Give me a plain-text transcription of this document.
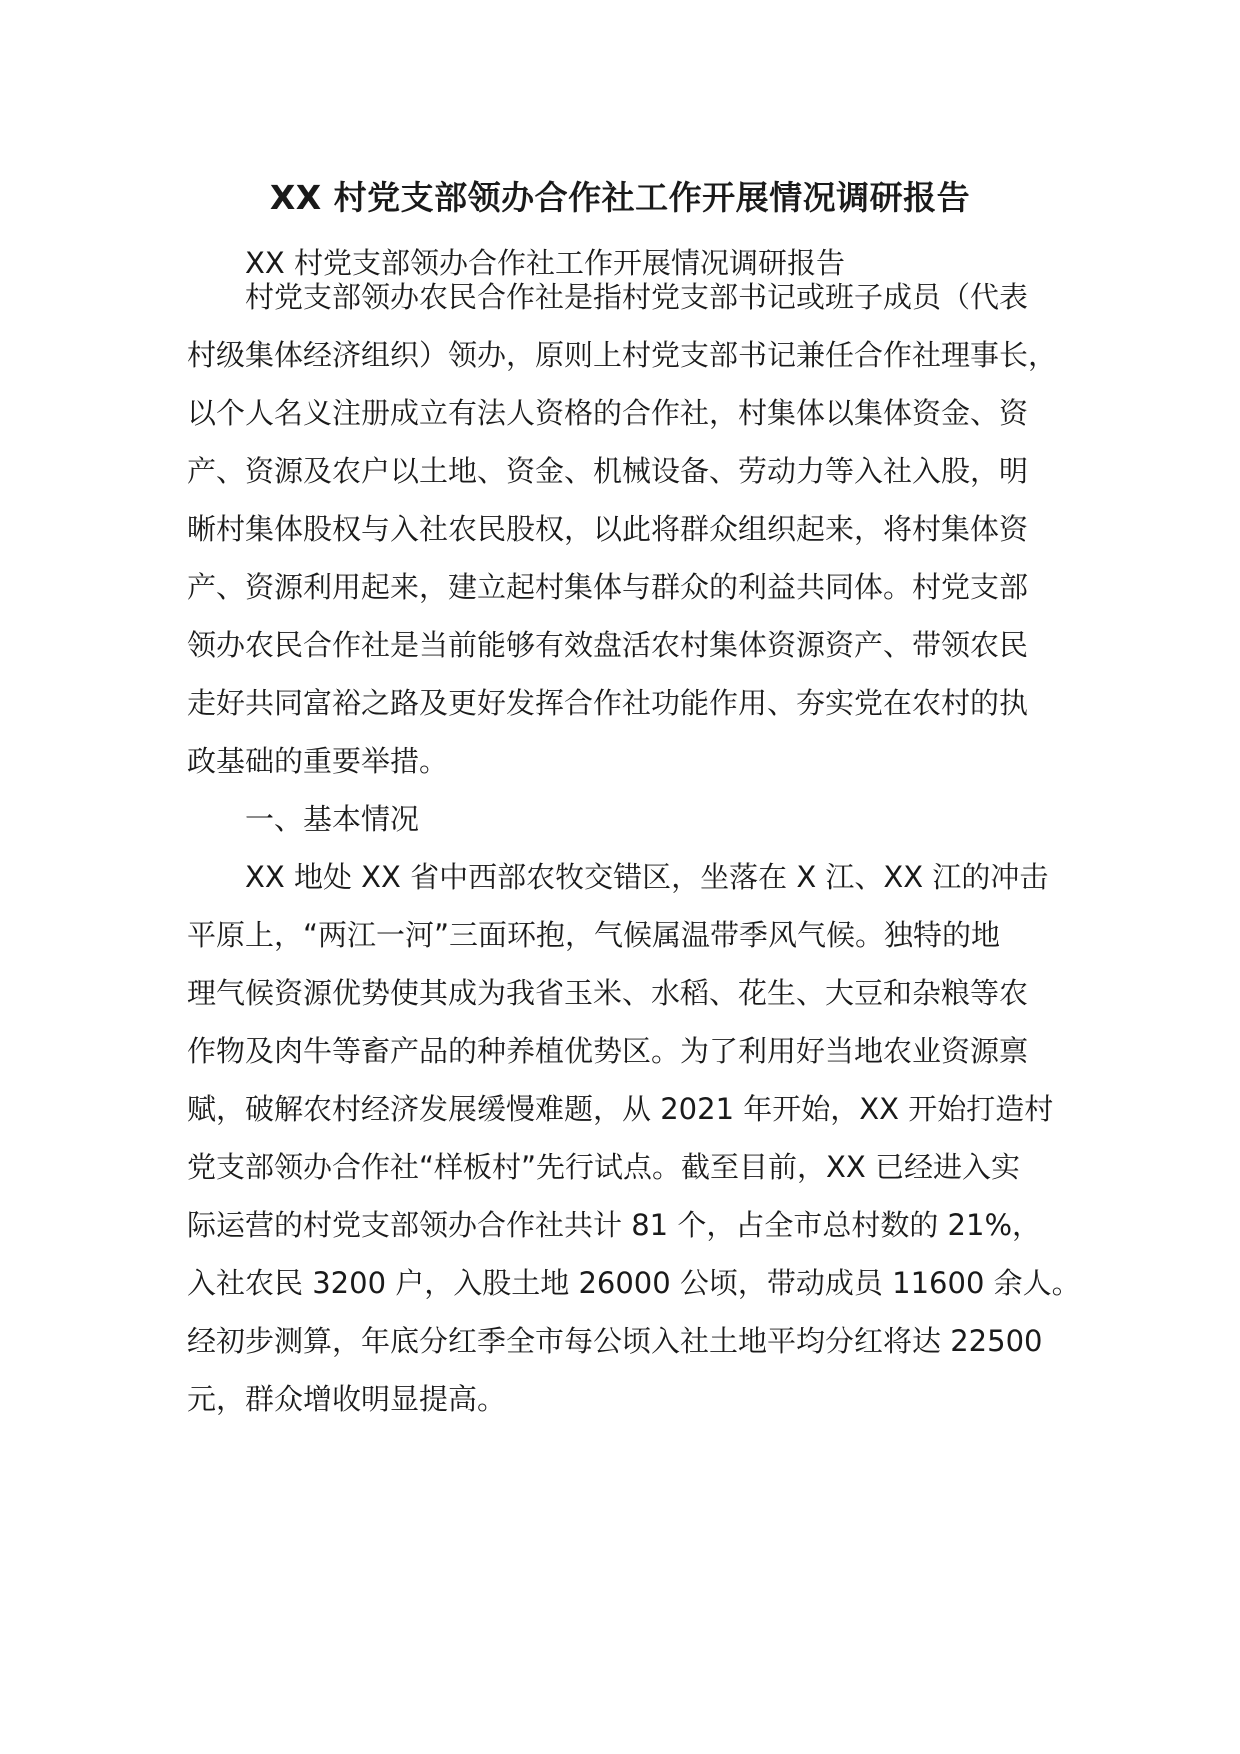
XX 村党支部领办合作社工作开展情况调研报告

XX 村党支部领办合作社工作开展情况调研报告

村党支部领办农民合作社是指村党支部书记或班子成员（代表

村级集体经济组织）领办，原则上村党支部书记兼任合作社理事长，

以个人名义注册成立有法人资格的合作社，村集体以集体资金、资

产、资源及农户以土地、资金、机械设备、劳动力等入社入股，明

晰村集体股权与入社农民股权，以此将群众组织起来，将村集体资

产、资源利用起来，建立起村集体与群众的利益共同体。村党支部

领办农民合作社是当前能够有效盘活农村集体资源资产、带领农民

走好共同富裕之路及更好发挥合作社功能作用、夯实党在农村的执

政基础的重要举措。

一、基本情况

XX 地处 XX 省中西部农牧交错区，坐落在 X 江、XX 江的冲击

平原上，“两江一河”三面环抱，气候属温带季风气候。独特的地

理气候资源优势使其成为我省玉米、水稻、花生、大豆和杂粮等农

作物及肉牛等畜产品的种养植优势区。为了利用好当地农业资源禀

赋，破解农村经济发展缓慢难题，从 2021 年开始，XX 开始打造村

党支部领办合作社“样板村”先行试点。截至目前，XX 已经进入实

际运营的村党支部领办合作社共计 81 个，占全市总村数的 21%，

入社农民 3200 户，入股土地 26000 公顷，带动成员 11600 余人。

经初步测算，年底分红季全市每公顷入社土地平均分红将达 22500

元，群众增收明显提高。
